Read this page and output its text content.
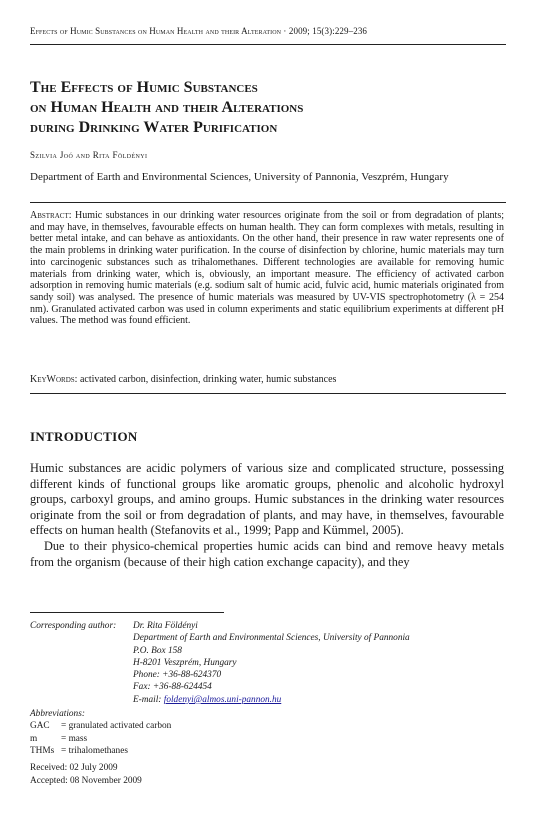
Effects of Humic Substances on Human Health and their Alteration · 2009; 15(3):229–236
The Effects of Humic Substances
on Human Health and their Alterations
during Drinking Water Purification
Szilvia Joó and Rita Földényi
Department of Earth and Environmental Sciences, University of Pannonia, Veszprém, Hungary

Abstract: Humic substances in our drinking water resources originate from the soil or from degradation of plants; and may have, in themselves, favourable effects on human health. They can form complexes with metals, resulting in better metal intake, and can behave as antioxidants. On the other hand, their presence in raw water represents one of the main problems in drinking water purification. In the course of disinfection by chlorine, humic materials may turn into carcinogenic substances such as trihalomethanes. Different technologies are available for removing humic materials from drinking water, which is, obviously, an important measure. The efficiency of activated carbon adsorption in removing humic materials (e.g. sodium salt of humic acid, fulvic acid, humic materials originated from sandy soil) was analysed. The presence of humic materials was measured by UV-VIS spectrophotometry (λ = 254 nm). Granulated activated carbon was used in column experiments and static equilibrium experiments at different pH values. The method was found efficient.

KeyWords: activated carbon, disinfection, drinking water, humic substances
INTRODUCTION

Humic substances are acidic polymers of various size and complicated structure, possessing different kinds of functional groups like aromatic groups, phenolic and alcoholic hydroxyl groups, carboxyl groups, and amino groups. Humic substances in the drinking water resources originate from the soil or from degradation of plants, and may have, in themselves, favourable effects on human health (Stefanovits et al., 1999; Papp and Kümmel, 2005).

Due to their physico-chemical properties humic acids can bind and remove heavy metals from the organism (because of their high cation exchange capacity), and they

Corresponding author:	Dr. Rita Földényi
Department of Earth and Environmental Sciences, University of Pannonia
P.O. Box 158
H-8201 Veszprém, Hungary
Phone: +36-88-624370
Fax: +36-88-624454
E-mail: foldenyi@almos.uni-pannon.hu
Abbreviations:
GAC	= granulated activated carbon
m	= mass
THMs = trihalomethanes
Received: 02 July 2009
Accepted: 08 November 2009
